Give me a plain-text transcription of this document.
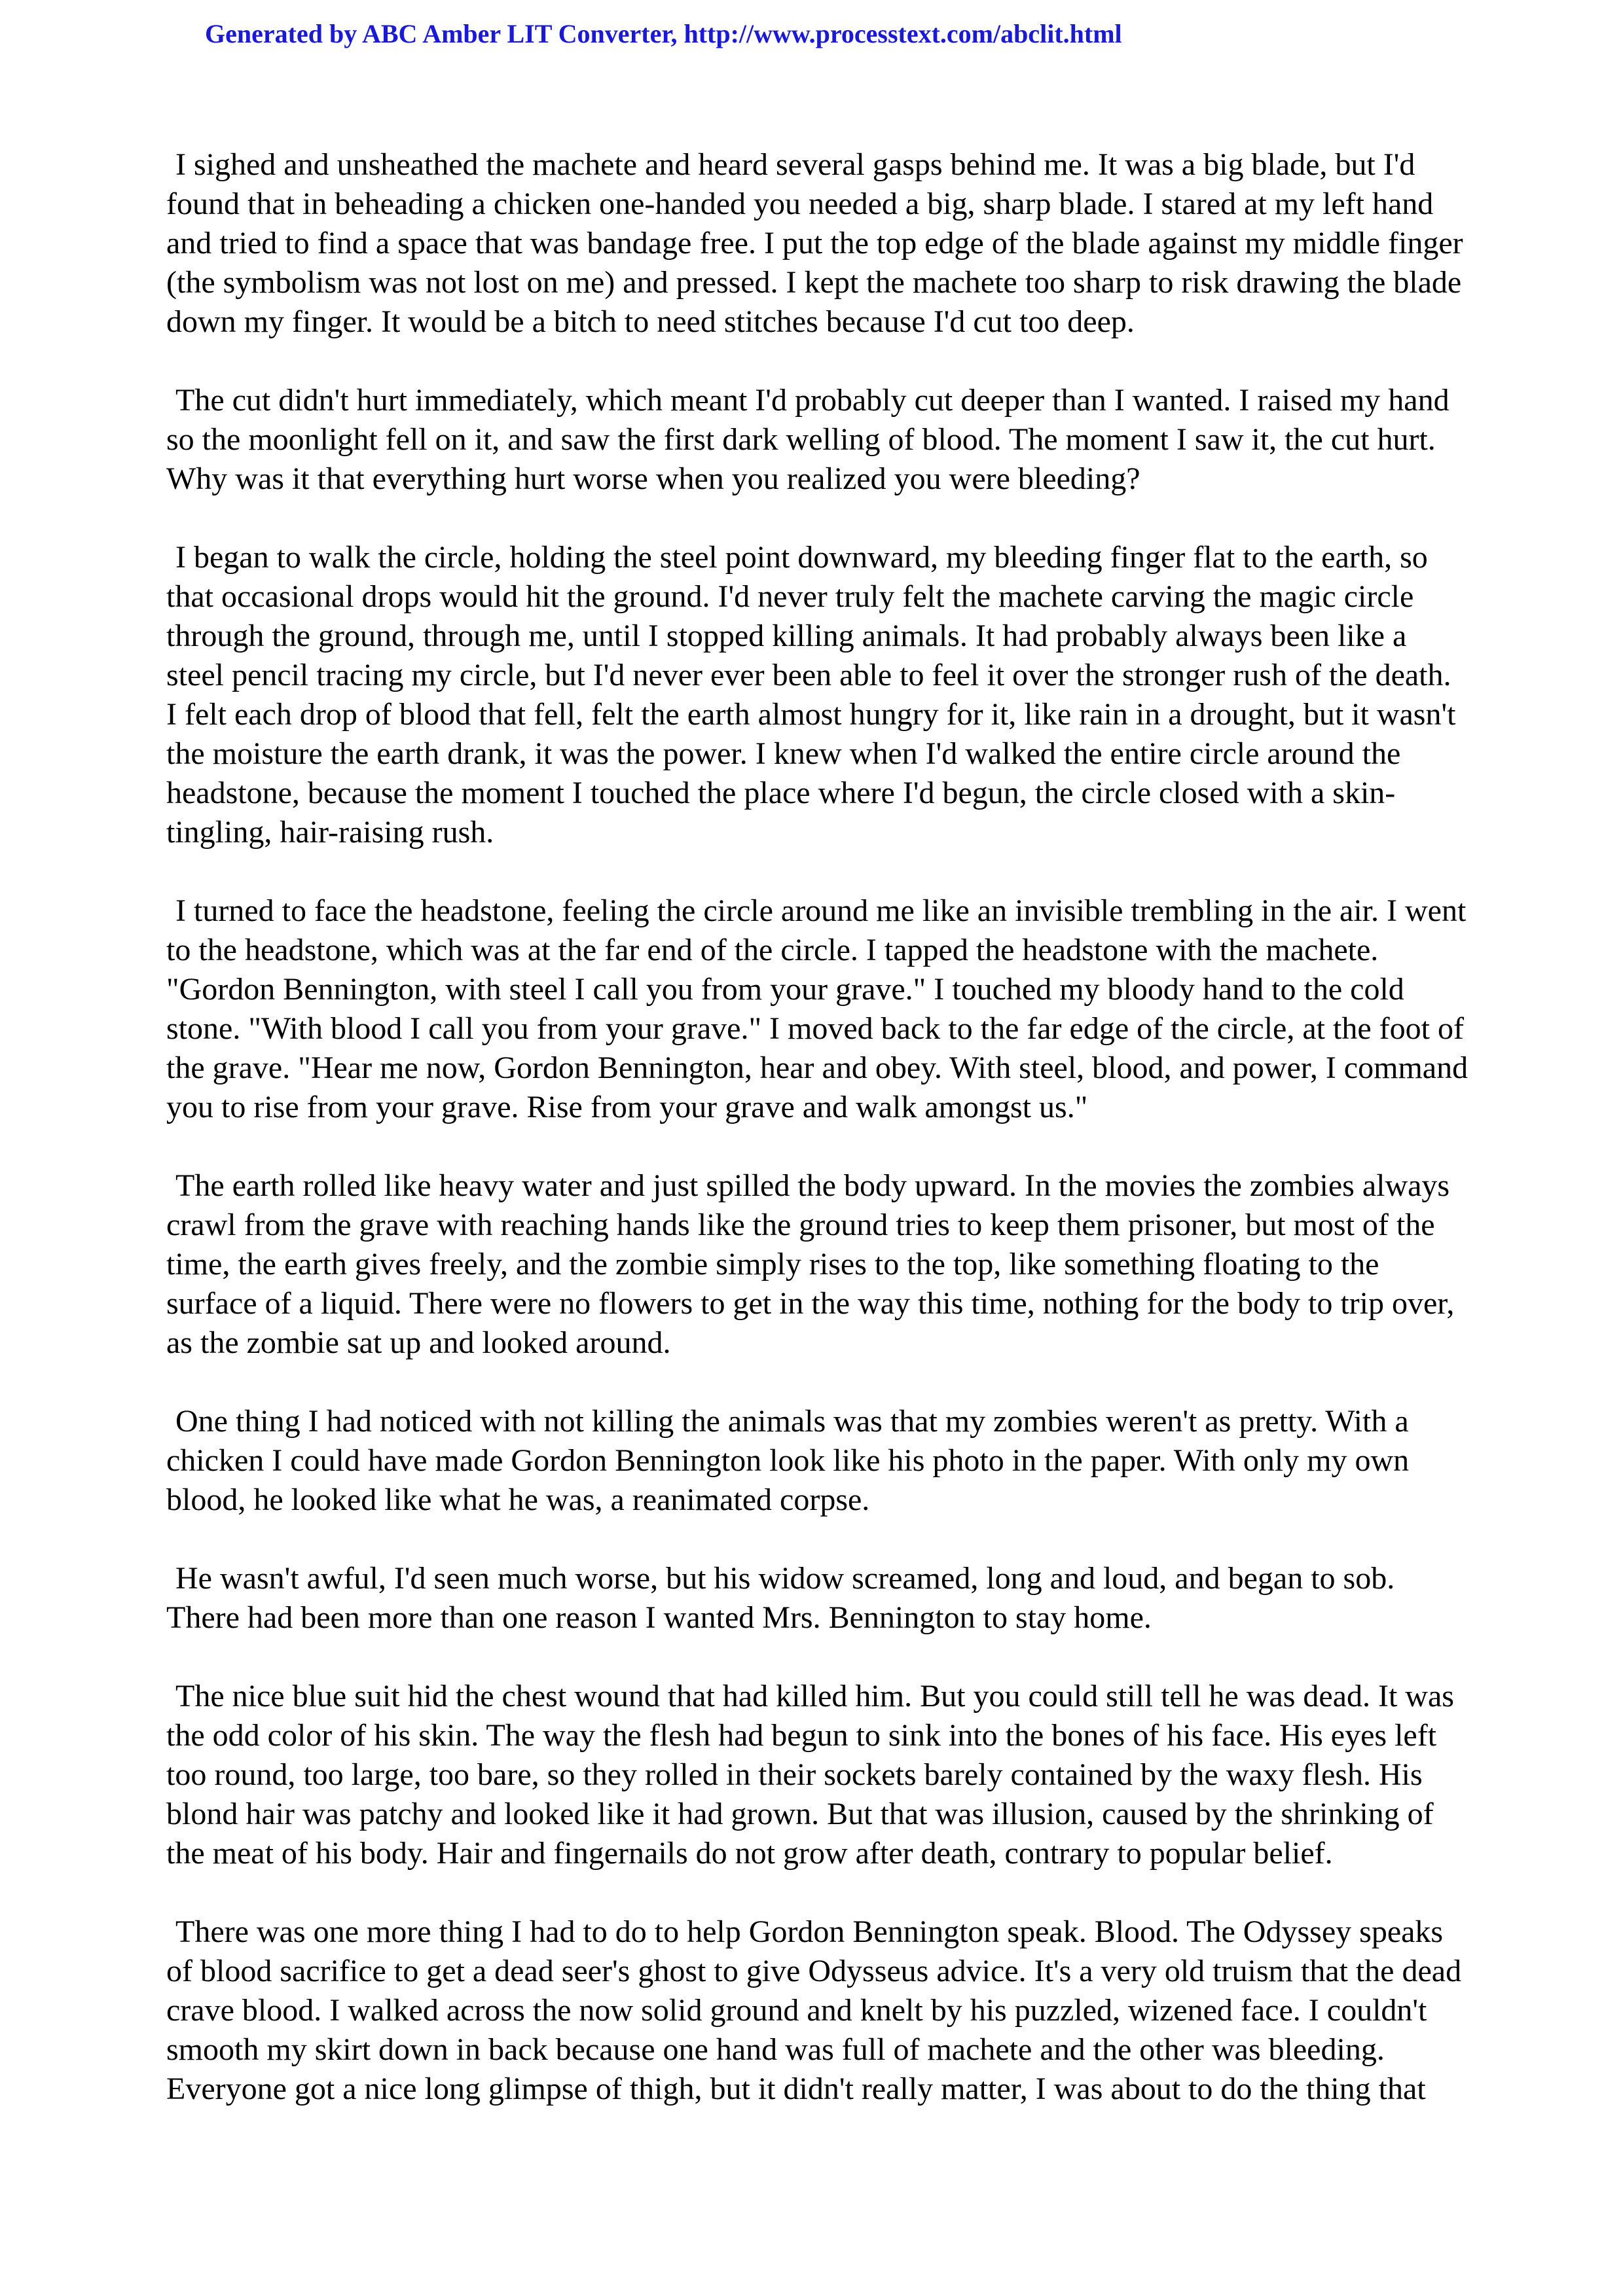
Generated by ABC Amber LIT Converter, http://www.processtext.com/abclit.html

I sighed and unsheathed the machete and heard several gasps behind me. It was a big blade, but I'd found that in beheading a chicken one-handed you needed a big, sharp blade. I stared at my left hand and tried to find a space that was bandage free. I put the top edge of the blade against my middle finger (the symbolism was not lost on me) and pressed. I kept the machete too sharp to risk drawing the blade down my finger. It would be a bitch to need stitches because I'd cut too deep.

The cut didn't hurt immediately, which meant I'd probably cut deeper than I wanted. I raised my hand so the moonlight fell on it, and saw the first dark welling of blood. The moment I saw it, the cut hurt. Why was it that everything hurt worse when you realized you were bleeding?

I began to walk the circle, holding the steel point downward, my bleeding finger flat to the earth, so that occasional drops would hit the ground. I'd never truly felt the machete carving the magic circle through the ground, through me, until I stopped killing animals. It had probably always been like a steel pencil tracing my circle, but I'd never ever been able to feel it over the stronger rush of the death. I felt each drop of blood that fell, felt the earth almost hungry for it, like rain in a drought, but it wasn't the moisture the earth drank, it was the power. I knew when I'd walked the entire circle around the headstone, because the moment I touched the place where I'd begun, the circle closed with a skin-tingling, hair-raising rush.

I turned to face the headstone, feeling the circle around me like an invisible trembling in the air. I went to the headstone, which was at the far end of the circle. I tapped the headstone with the machete. "Gordon Bennington, with steel I call you from your grave." I touched my bloody hand to the cold stone. "With blood I call you from your grave." I moved back to the far edge of the circle, at the foot of the grave. "Hear me now, Gordon Bennington, hear and obey. With steel, blood, and power, I command you to rise from your grave. Rise from your grave and walk amongst us."

The earth rolled like heavy water and just spilled the body upward. In the movies the zombies always crawl from the grave with reaching hands like the ground tries to keep them prisoner, but most of the time, the earth gives freely, and the zombie simply rises to the top, like something floating to the surface of a liquid. There were no flowers to get in the way this time, nothing for the body to trip over, as the zombie sat up and looked around.

One thing I had noticed with not killing the animals was that my zombies weren't as pretty. With a chicken I could have made Gordon Bennington look like his photo in the paper. With only my own blood, he looked like what he was, a reanimated corpse.

He wasn't awful, I'd seen much worse, but his widow screamed, long and loud, and began to sob. There had been more than one reason I wanted Mrs. Bennington to stay home.

The nice blue suit hid the chest wound that had killed him. But you could still tell he was dead. It was the odd color of his skin. The way the flesh had begun to sink into the bones of his face. His eyes left too round, too large, too bare, so they rolled in their sockets barely contained by the waxy flesh. His blond hair was patchy and looked like it had grown. But that was illusion, caused by the shrinking of the meat of his body. Hair and fingernails do not grow after death, contrary to popular belief.

There was one more thing I had to do to help Gordon Bennington speak. Blood. The Odyssey speaks of blood sacrifice to get a dead seer's ghost to give Odysseus advice. It's a very old truism that the dead crave blood. I walked across the now solid ground and knelt by his puzzled, wizened face. I couldn't smooth my skirt down in back because one hand was full of machete and the other was bleeding. Everyone got a nice long glimpse of thigh, but it didn't really matter, I was about to do the thing that
